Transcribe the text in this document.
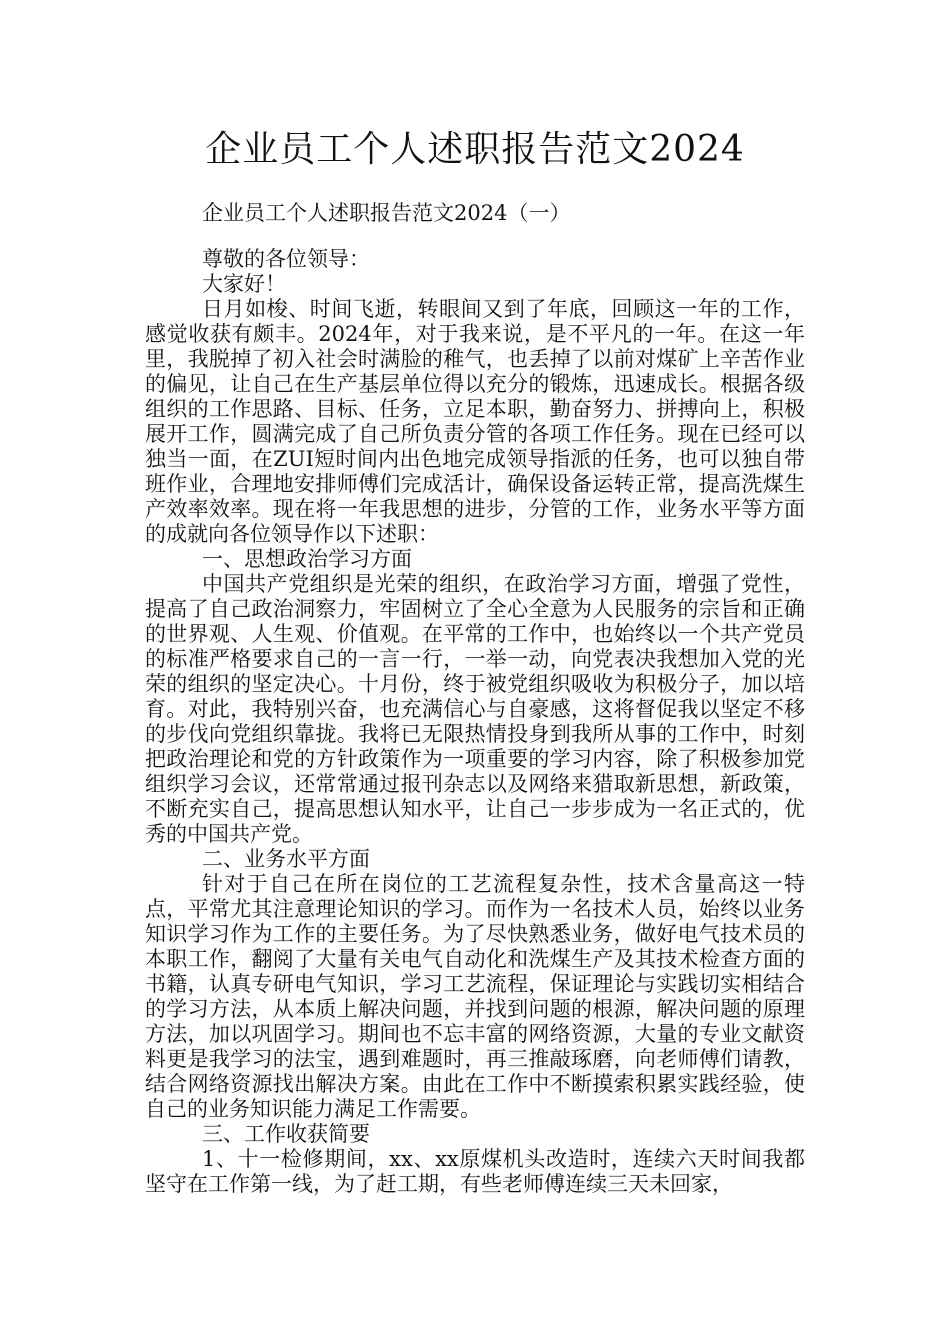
企业员工个人述职报告范文2024

企业员工个人述职报告范文2024（一）

尊敬的各位领导：

大家好！

日月如梭、时间飞逝，转眼间又到了年底，回顾这一年的工作，感觉收获有颇丰。2024年，对于我来说，是不平凡的一年。在这一年里，我脱掉了初入社会时满脸的稚气，也丢掉了以前对煤矿上辛苦作业的偏见，让自己在生产基层单位得以充分的锻炼，迅速成长。根据各级组织的工作思路、目标、任务，立足本职，勤奋努力、拼搏向上，积极展开工作，圆满完成了自己所负责分管的各项工作任务。现在已经可以独当一面，在ZUI短时间内出色地完成领导指派的任务，也可以独自带班作业，合理地安排师傅们完成活计，确保设备运转正常，提高洗煤生产效率效率。现在将一年我思想的进步，分管的工作，业务水平等方面的成就向各位领导作以下述职：

一、思想政治学习方面

中国共产党组织是光荣的组织，在政治学习方面，增强了党性，提高了自己政治洞察力，牢固树立了全心全意为人民服务的宗旨和正确的世界观、人生观、价值观。在平常的工作中，也始终以一个共产党员的标准严格要求自己的一言一行，一举一动，向党表决我想加入党的光荣的组织的坚定决心。十月份，终于被党组织吸收为积极分子，加以培育。对此，我特别兴奋，也充满信心与自豪感，这将督促我以坚定不移的步伐向党组织靠拢。我将已无限热情投身到我所从事的工作中，时刻把政治理论和党的方针政策作为一项重要的学习内容，除了积极参加党组织学习会议，还常常通过报刊杂志以及网络来猎取新思想，新政策，不断充实自己，提高思想认知水平，让自己一步步成为一名正式的，优秀的中国共产党。

二、业务水平方面

针对于自己在所在岗位的工艺流程复杂性，技术含量高这一特点，平常尤其注意理论知识的学习。而作为一名技术人员，始终以业务知识学习作为工作的主要任务。为了尽快熟悉业务，做好电气技术员的本职工作，翻阅了大量有关电气自动化和洗煤生产及其技术检查方面的书籍，认真专研电气知识，学习工艺流程，保证理论与实践切实相结合的学习方法，从本质上解决问题，并找到问题的根源，解决问题的原理方法，加以巩固学习。期间也不忘丰富的网络资源，大量的专业文献资料更是我学习的法宝，遇到难题时，再三推敲琢磨，向老师傅们请教，结合网络资源找出解决方案。由此在工作中不断摸索积累实践经验，使自己的业务知识能力满足工作需要。

三、工作收获简要

1、十一检修期间，xx、xx原煤机头改造时，连续六天时间我都坚守在工作第一线，为了赶工期，有些老师傅连续三天未回家，
